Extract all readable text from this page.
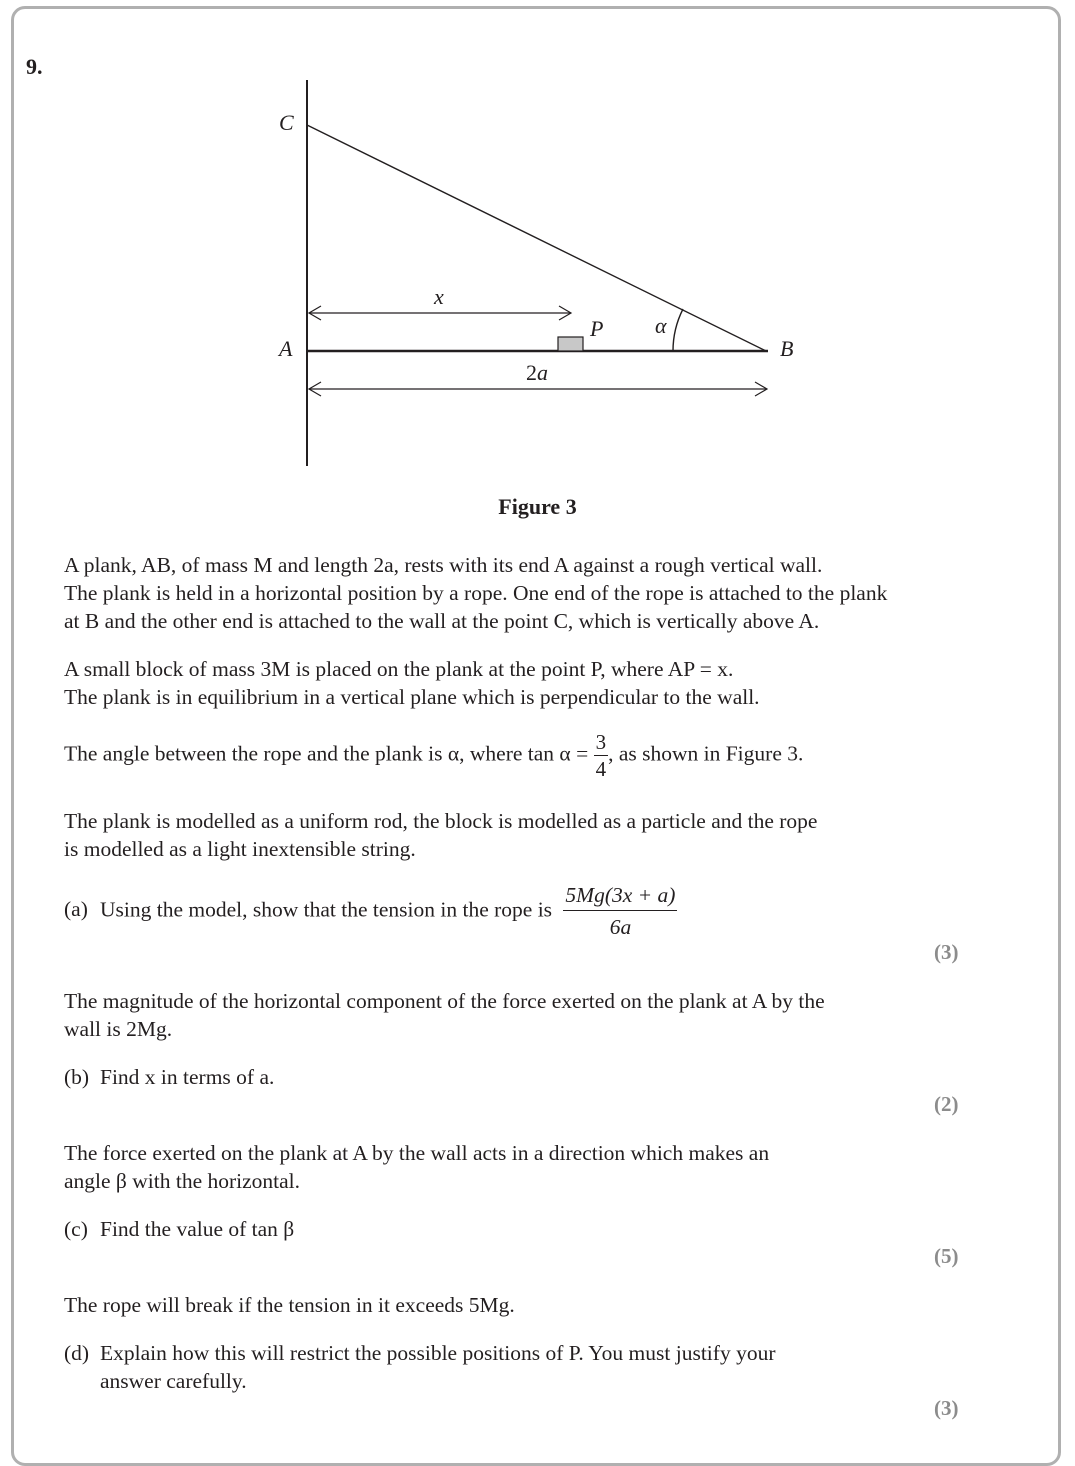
9.
C
A	B
P α
x
2a
Figure 3

A plank, AB, of mass M and length 2a, rests with its end A against a rough vertical wall.
The plank is held in a horizontal position by a rope. One end of the rope is attached to the plank
at B and the other end is attached to the wall at the point C, which is vertically above A.

A small block of mass 3M is placed on the plank at the point P, where AP = x.
The plank is in equilibrium in a vertical plane which is perpendicular to the wall.

The angle between the rope and the plank is α, where $\tan \alpha = \frac{3}{4}$ , as shown in Figure 3.

The plank is modelled as a uniform rod, the block is modelled as a particle and the rope
is modelled as a light inextensible string.

(a) Using the model, show that the tension in the rope is $\frac{5Mg(3x + a)}{6a}$

(3)

The magnitude of the horizontal component of the force exerted on the plank at A by the
wall is 2Mg.

(b) Find x in terms of a.

(2)

The force exerted on the plank at A by the wall acts in a direction which makes an
angle β with the horizontal.

(c) Find the value of tan β

(5)

The rope will break if the tension in it exceeds 5Mg.

(d) Explain how this will restrict the possible positions of P. You must justify your
answer carefully.

(3)
